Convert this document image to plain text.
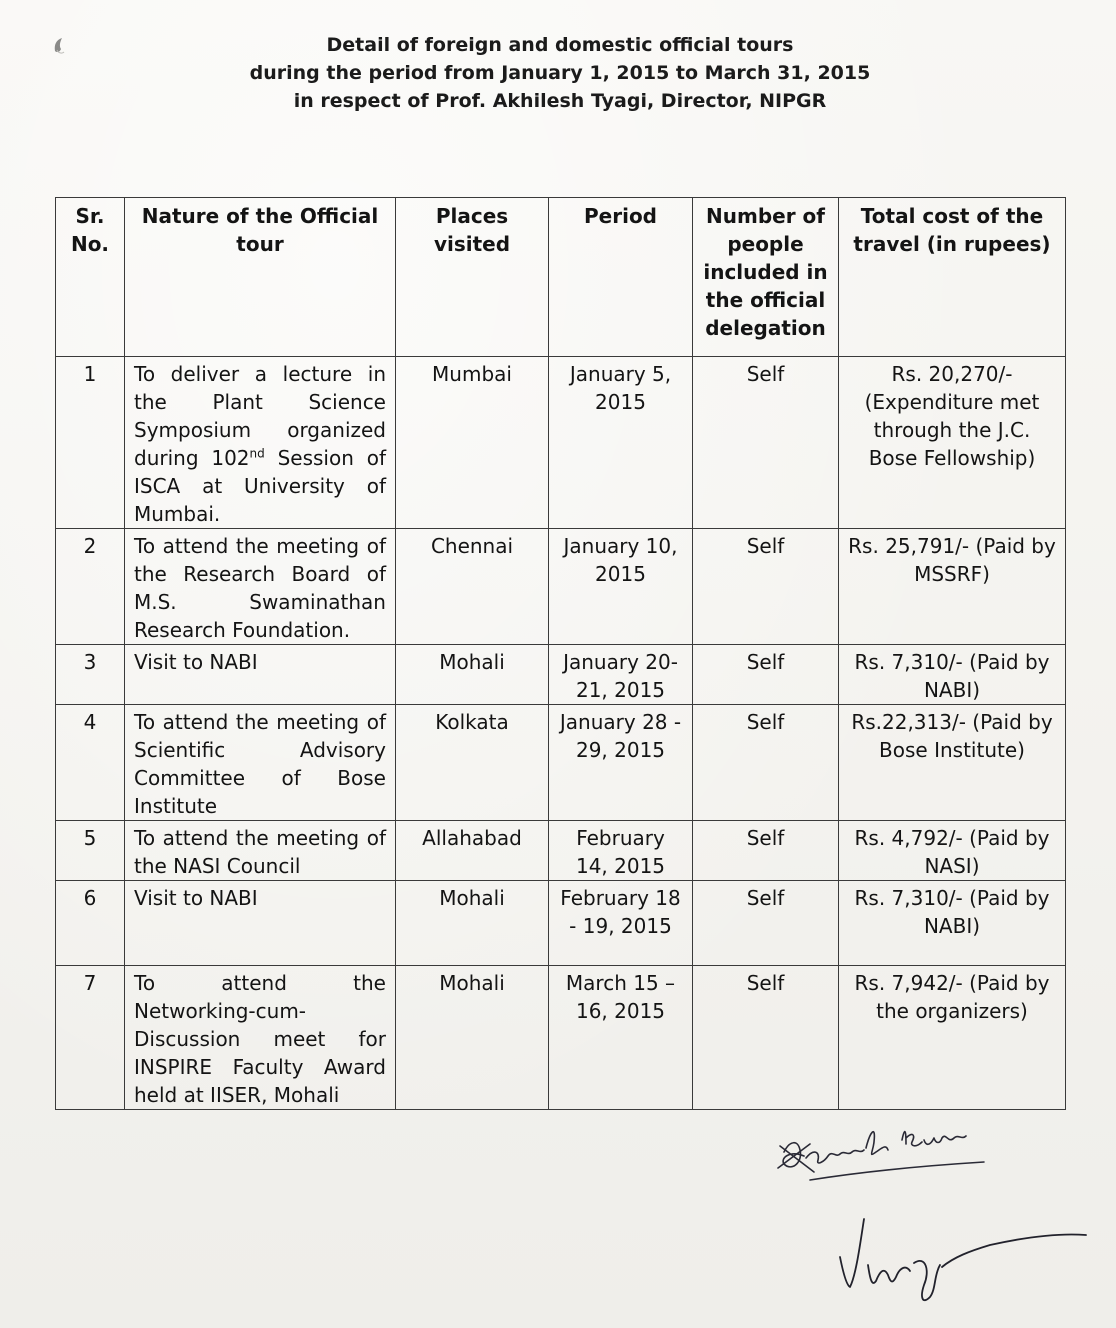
Detail of foreign and domestic official tours
during the period from January 1, 2015 to March 31, 2015
in respect of Prof. Akhilesh Tyagi, Director, NIPGR
Sr. No.	Nature of the Official tour	Places visited	Period	Number of people included in the official delegation	Total cost of the travel (in rupees)
1	To deliver a lecture in the Plant Science Symposium organized during 102nd Session of ISCA at University of Mumbai.	Mumbai	January 5, 2015	Self	Rs. 20,270/- (Expenditure met through the J.C. Bose Fellowship)
2	To attend the meeting of the Research Board of M.S. Swaminathan Research Foundation.	Chennai	January 10, 2015	Self	Rs. 25,791/- (Paid by MSSRF)
3	Visit to NABI	Mohali	January 20-21, 2015	Self	Rs. 7,310/- (Paid by NABI)
4	To attend the meeting of Scientific Advisory Committee of Bose Institute	Kolkata	January 28 - 29, 2015	Self	Rs.22,313/- (Paid by Bose Institute)
5	To attend the meeting of the NASI Council	Allahabad	February 14, 2015	Self	Rs. 4,792/- (Paid by NASI)
6	Visit to NABI	Mohali	February 18 - 19, 2015	Self	Rs. 7,310/- (Paid by NABI)
7	To attend the Networking-cum-Discussion meet for INSPIRE Faculty Award held at IISER, Mohali	Mohali	March 15 – 16, 2015	Self	Rs. 7,942/- (Paid by the organizers)
